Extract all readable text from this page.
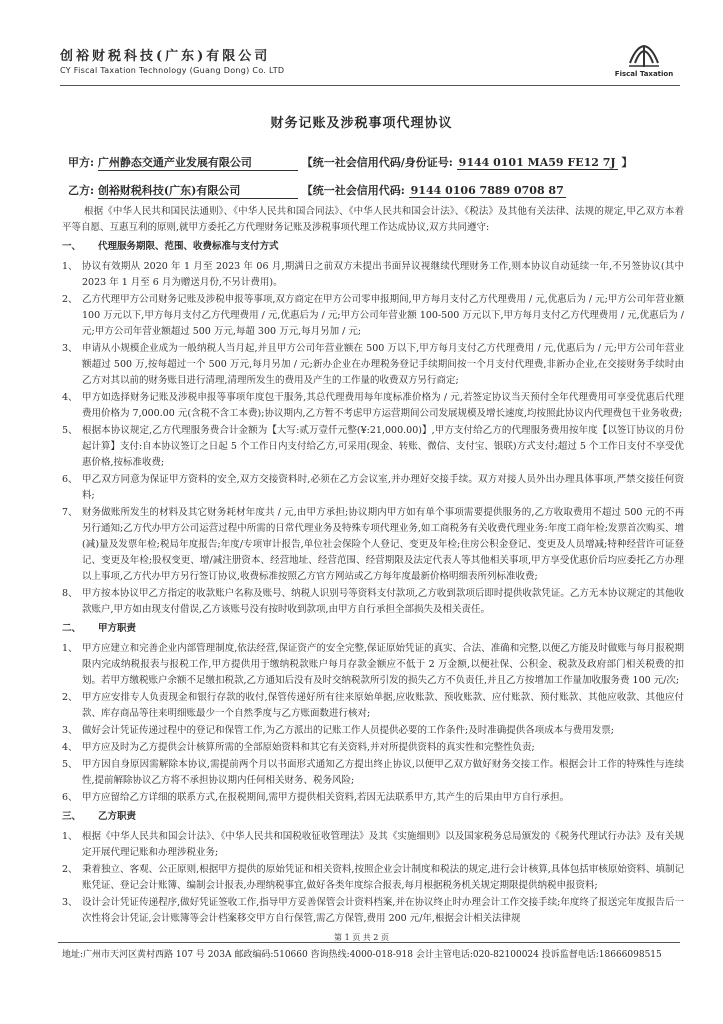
创裕财税科技(广东)有限公司
CY Fiscal Taxation Technology (Guang Dong) Co. LTD	Fiscal Taxation
财务记账及涉税事项代理协议
甲方: 广州静态交通产业发展有限公司	【统一社会信用代码/身份证号: 9144 0101 MA59 FE12 7J 】
乙方: 创裕财税科技(广东)有限公司	【统一社会信用代码: 9144 0106 7889 0708 87

根据《中华人民共和国民法通则》、《中华人民共和国合同法》、《中华人民共和国会计法》、《税法》及其他有关法律、法规的规定,甲乙双方本着平等自愿、互惠互利的原则,就甲方委托乙方代理财务记账及涉税事项代理工作达成协议,双方共同遵守:

一、 代理服务期限、范围、收费标准与支付方式

1、 协议有效期从 2020 年 1 月至 2023 年 06 月,期满日之前双方未提出书面异议视继续代理财务工作,则本协议自动延续一年,不另签协议(其中 2023 年 1 月至 6 月为赠送月份,不另计费用)。

2、 乙方代理甲方公司财务记账及涉税申报等事项,双方商定在甲方公司零申报期间,甲方每月支付乙方代理费用 / 元,优惠后为 / 元;甲方公司年营业额 100 万元以下,甲方每月支付乙方代理费用 / 元,优惠后为 / 元;甲方公司年营业额 100-500 万元以下,甲方每月支付乙方代理费用 / 元,优惠后为 / 元;甲方公司年营业额超过 500 万元,每超 300 万元,每月另加 / 元;

3、 申请从小规模企业成为一般纳税人当月起,并且甲方公司年营业额在 500 万以下,甲方每月支付乙方代理费用 / 元,优惠后为 / 元;甲方公司年营业额超过 500 万,按每超过一个 500 万元,每月另加 / 元;新办企业在办理税务登记手续期间按一个月支付代理费,非新办企业,在交接财务手续时由乙方对其以前的财务账目进行清理,清理所发生的费用及产生的工作量的收费双方另行商定;

4、 甲方如选择财务记账及涉税申报等事项年度包干服务,其总代理费用每年度标准价格为 / 元,若签定协议当天预付全年代理费用可享受优惠后代理费用价格为 7,000.00 元(含税不含工本费);协议期内,乙方暂不考虑甲方运营期间公司发展规模及增长速度,均按照此协议内代理费包干业务收费;

5、 根据本协议规定,乙方代理服务费合计金额为【大写:贰万壹仟元整(¥:21,000.00)】,甲方支付给乙方的代理服务费用按年度【以签订协议的月份起计算】支付:自本协议签订之日起 5 个工作日内支付给乙方,可采用(现金、转账、微信、支付宝、银联)方式支付;超过 5 个工作日支付不享受优惠价格,按标准收费;

6、 甲乙双方同意为保证甲方资料的安全,双方交接资料时,必须在乙方会议室,并办理好交接手续。双方对接人员外出办理具体事项,严禁交接任何资料;

7、 财务做账所发生的材料及其它财务耗材年度共 / 元,由甲方承担;协议期内甲方如有单个事项需要提供服务的,乙方收取费用不超过 500 元的不再另行通知;乙方代办甲方公司运营过程中所需的日常代理业务及特殊专项代理业务,如工商税务有关收费代理业务:年度工商年检;发票首次购买、增(减)量及发票年检;税局年度报告;年度/专项审计报告,单位社会保险个人登记、变更及年检;住房公积金登记、变更及人员增减;特种经营许可证登记、变更及年检;股权变更、增/减注册资本、经营地址、经营范围、经营期限及法定代表人等其他相关事项,甲方享受优惠价后均应委托乙方办理以上事项,乙方代办甲方另行签订协议,收费标准按照乙方官方网站或乙方每年度最新价格明细表所列标准收费;

8、 甲方按本协议甲乙方指定的收款账户名称及账号、纳税人识别号等资料支付款项,乙方收到款项后即时提供收款凭证。乙方无本协议规定的其他收款账户,甲方如由现支付借误,乙方该账号没有按时收到款项,由甲方自行承担全部损失及相关责任。

二、 甲方职责

1、 甲方应建立和完善企业内部管理制度,依法经营,保证资产的安全完整,保证原始凭证的真实、合法、准确和完整,以便乙方能及时做账与每月报税期限内完成纳税报表与报税工作,甲方提供用于缴纳税款账户每月存款金额应不低于 2 万金额,以便社保、公积金、税款及政府部门相关税费的扣划。若甲方缴税账户余额不足缴扣税款,乙方通知后没有及时交纳税款所引发的损失乙方不负责任,并且乙方按增加工作量加收服务费 100 元/次;

2、 甲方应安排专人负责现金和银行存款的收付,保管传递好所有往来原始单据,应收账款、预收账款、应付账款、预付账款、其他应收款、其他应付款、库存商品等往来明细账最少一个自然季度与乙方账面数进行核对;

3、 做好会计凭证传递过程中的登记和保管工作,为乙方派出的记账工作人员提供必要的工作条件;及时准确提供各项成本与费用发票;

4、 甲方应及时为乙方提供会计核算所需的全部原始资料和其它有关资料,并对所提供资料的真实性和完整性负责;

5、 甲方因自身原因需解除本协议,需提前两个月以书面形式通知乙方提出终止协议,以便甲乙双方做好财务交接工作。根据会计工作的特殊性与连续性,提前解除协议乙方将不承担协议期内任何相关财务、税务风险;

6、 甲方应留给乙方详细的联系方式,在报税期间,需甲方提供相关资料,若因无法联系甲方,其产生的后果由甲方自行承担。

三、 乙方职责

1、 根据《中华人民共和国会计法》、《中华人民共和国税收征收管理法》及其《实施细则》以及国家税务总局颁发的《税务代理试行办法》及有关规定开展代理记账和办理涉税业务;

2、 秉着独立、客观、公正原则,根据甲方提供的原始凭证和相关资料,按照企业会计制度和税法的规定,进行会计核算,具体包括审核原始资料、填制记账凭证、登记会计账簿、编制会计报表,办理纳税事宜,做好各类年度综合报表,每月根据税务机关规定期限提供纳税申报资料;

3、 设计会计凭证传递程序,做好凭证签收工作,指导甲方妥善保管会计资料档案,并在协议终止时办理会计工作交接手续;年度终了报送完年度报告后一次性将会计凭证,会计账簿等会计档案移交甲方自行保管,需乙方保管,费用 200 元/年,根据会计相关法律规

第 1 页 共 2 页
地址:广州市天河区黄村西路 107 号 203A 邮政编码:510660 咨询热线:4000-018-918 会计主管电话:020-82100024 投诉监督电话:18666098515
